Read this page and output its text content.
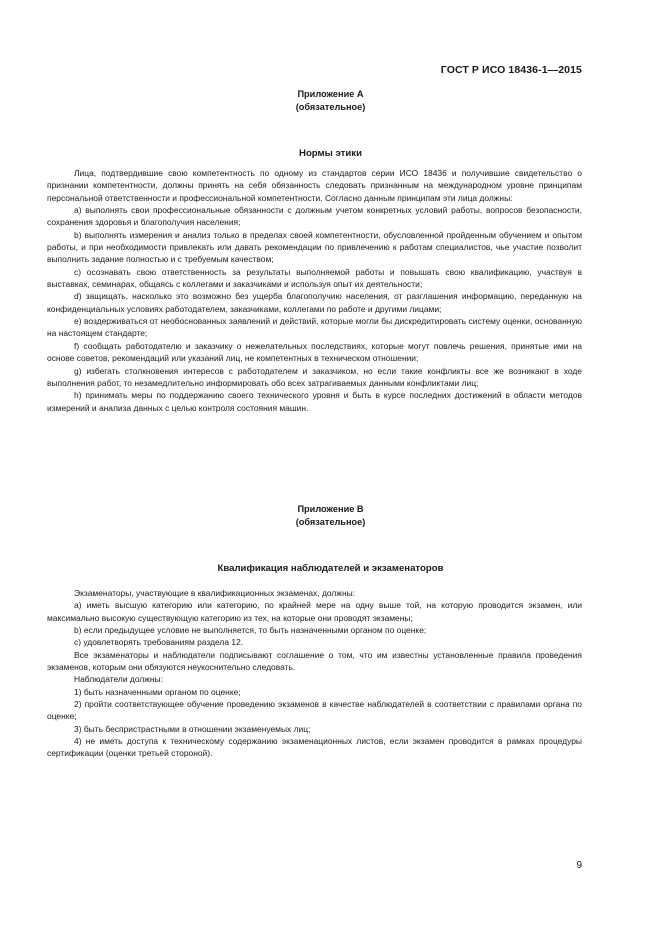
ГОСТ Р ИСО 18436-1—2015
Приложение А
(обязательное)
Нормы этики

Лица, подтвердившие свою компетентность по одному из стандартов серии ИСО 18436 и получившие свидетельство о признании компетентности, должны принять на себя обязанность следовать признанным на международном уровне принципам персональной ответственности и профессиональной компетентности. Согласно данным принципам эти лица должны:

a) выполнять свои профессиональные обязанности с должным учетом конкретных условий работы, вопросов безопасности, сохранения здоровья и благополучия населения;

b) выполнять измерения и анализ только в пределах своей компетентности, обусловленной пройденным обучением и опытом работы, и при необходимости привлекать или давать рекомендации по привлечению к работам специалистов, чье участие позволит выполнить задание полностью и с требуемым качеством;

c) осознавать свою ответственность за результаты выполняемой работы и повышать свою квалификацию, участвуя в выставках, семинарах, общаясь с коллегами и заказчиками и используя опыт их деятельности;

d) защищать, насколько это возможно без ущерба благополучию населения, от разглашения информацию, переданную на конфиденциальных условиях работодателем, заказчиками, коллегами по работе и другими лицами;

e) воздерживаться от необоснованных заявлений и действий, которые могли бы дискредитировать систему оценки, основанную на настоящем стандарте;

f) сообщать работодателю и заказчику о нежелательных последствиях, которые могут повлечь решения, принятые ими на основе советов, рекомендаций или указаний лиц, не компетентных в техническом отношении;

g) избегать столкновения интересов с работодателем и заказчиком, но если такие конфликты все же возникают в ходе выполнения работ, то незамедлительно информировать обо всех затрагиваемых данными конфликтами лиц;

h) принимать меры по поддержанию своего технического уровня и быть в курсе последних достижений в области методов измерений и анализа данных с целью контроля состояния машин.

Приложение В
(обязательное)
Квалификация наблюдателей и экзаменаторов

Экзаменаторы, участвующие в квалификационных экзаменах, должны:

a) иметь высшую категорию или категорию, по крайней мере на одну выше той, на которую проводится экзамен, или максимально высокую существующую категорию из тех, на которые они проводят экзамены;

b) если предыдущее условие не выполняется, то быть назначенными органом по оценке;

c) удовлетворять требованиям раздела 12.

Все экзаменаторы и наблюдатели подписывают соглашение о том, что им известны установленные правила проведения экзаменов, которым они обязуются неукоснительно следовать.

Наблюдатели должны:

1) быть назначенными органом по оценке;

2) пройти соответствующее обучение проведению экзаменов в качестве наблюдателей в соответствии с правилами органа по оценке;

3) быть беспристрастными в отношении экзаменуемых лиц;

4) не иметь доступа к техническому содержанию экзаменационных листов, если экзамен проводится в рамках процедуры сертификации (оценки третьей стороной).

9
